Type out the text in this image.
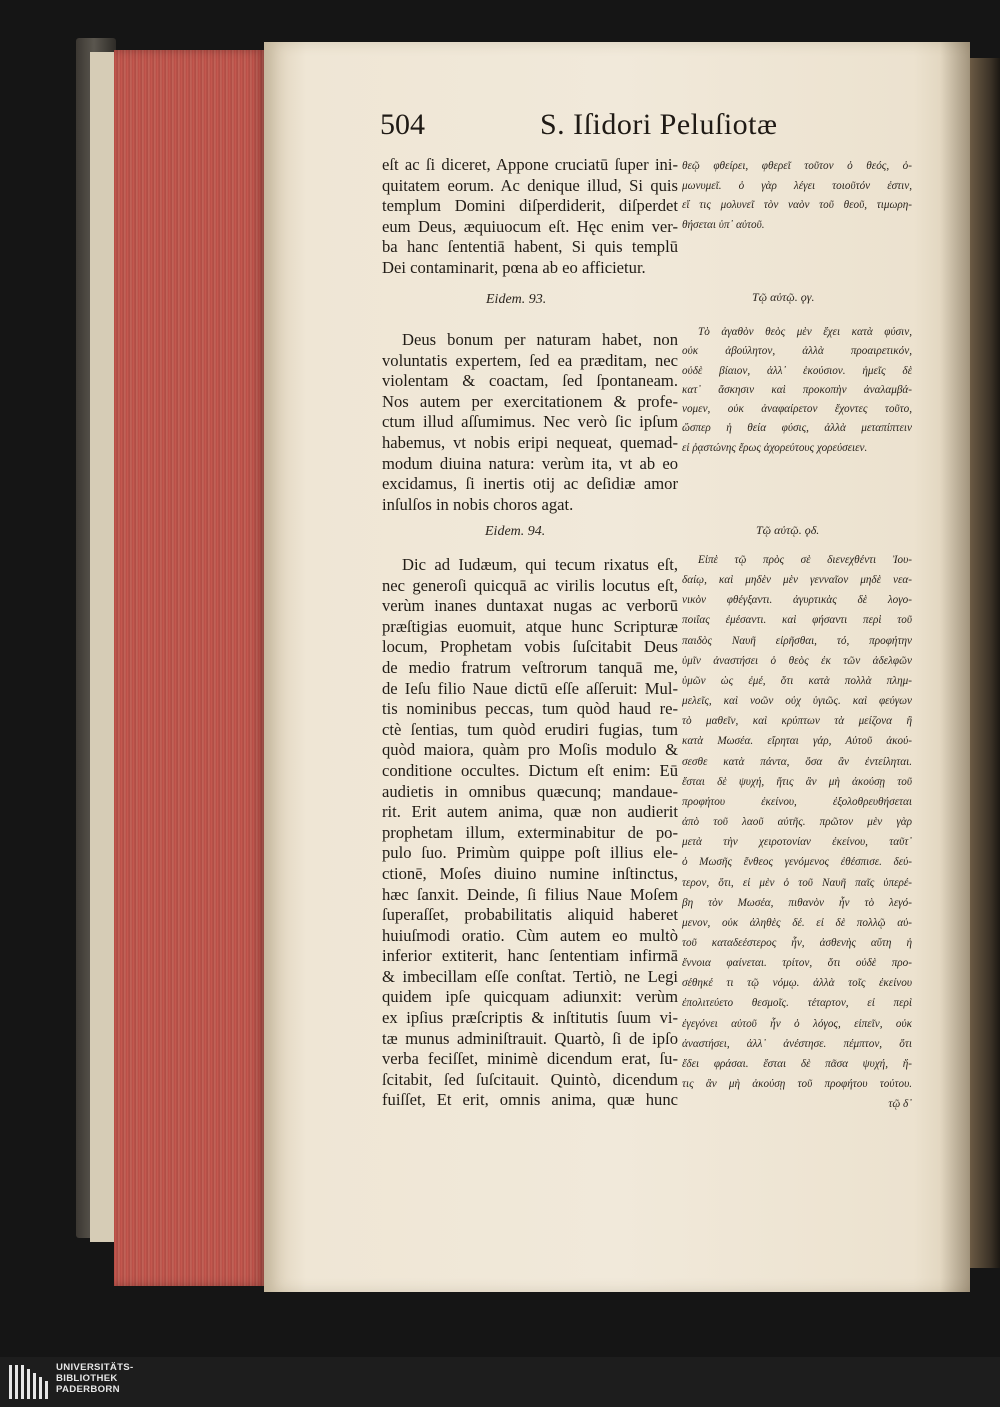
504	S. Iſidori Peluſiotæ
eſt ac ſi diceret, Appone cruciatū ſuper ini-
quitatem eorum. Ac denique illud, Si quis
templum Domini diſperdiderit, diſperdet
eum Deus, æquiuocum eſt. Hęc enim ver-
ba hanc ſententiā habent, Si quis templū
Dei contaminarit, pœna ab eo afficietur.
Eidem. 93.
Deus bonum per naturam habet, non
voluntatis expertem, ſed ea præditam, nec
violentam & coactam, ſed ſpontaneam.
Nos autem per exercitationem & profe-
ctum illud aſſumimus. Nec verò ſic ipſum
habemus, vt nobis eripi nequeat, quemad-
modum diuina natura: verùm ita, vt ab eo
excidamus, ſi inertis otij ac deſidiæ amor
inſulſos in nobis choros agat.
Eidem. 94.
Dic ad Iudæum, qui tecum rixatus eſt,
nec generoſi quicquā ac virilis locutus eſt,
verùm inanes duntaxat nugas ac verborū
præſtigias euomuit, atque hunc Scripturæ
locum, Prophetam vobis ſuſcitabit Deus
de medio fratrum veſtrorum tanquā me,
de Ieſu filio Naue dictū eſſe aſſeruit: Mul-
tis nominibus peccas, tum quòd haud re-
ctè ſentias, tum quòd erudiri fugias, tum
quòd maiora, quàm pro Moſis modulo &
conditione occultes. Dictum eſt enim: Eū
audietis in omnibus quæcunq; mandaue-
rit. Erit autem anima, quæ non audierit
prophetam illum, exterminabitur de po-
pulo ſuo. Primùm quippe poſt illius ele-
ctionē, Moſes diuino numine inſtinctus,
hæc ſanxit. Deinde, ſi filius Naue Moſem
ſuperaſſet, probabilitatis aliquid haberet
huiuſmodi oratio. Cùm autem eo multò
inferior extiterit, hanc ſententiam infirmā
& imbecillam eſſe conſtat. Tertiò, ne Legi
quidem ipſe quicquam adiunxit: verùm
ex ipſius præſcriptis & inſtitutis ſuum vi-
tæ munus adminiſtrauit. Quartò, ſi de ipſo
verba feciſſet, minimè dicendum erat, ſu-
ſcitabit, ſed ſuſcitauit. Quintò, dicendum
fuiſſet, Et erit, omnis anima, quæ hunc
θεῷ φθείρει, φθερεῖ τοῦτον ὁ θεός, ὁ-
μωνυμεῖ. ὁ γὰρ λέγει τοιοῦτόν ἐστιν,
εἴ τις μολυνεῖ τὸν ναὸν τοῦ θεοῦ, τιμωρη-
θήσεται ὑπ᾽ αὐτοῦ.
Τῷ αὐτῷ. ϙγ.
Τὸ ἀγαθὸν θεὸς μὲν ἔχει κατὰ φύσιν,
οὐκ ἀβούλητον, ἀλλὰ προαιρετικόν,
οὐδὲ βίαιον, ἀλλ᾽ ἑκούσιον. ἡμεῖς δὲ
κατ᾽ ἄσκησιν καὶ προκοπὴν ἀναλαμβά-
νομεν, οὐκ ἀναφαίρετον ἔχοντες τοῦτο,
ὥσπερ ἡ θεία φύσις, ἀλλὰ μεταπίπτειν
εἰ ῥᾳστώνης ἔρως ἀχορεύτους χορεύσειεν.
Τῷ αὐτῷ. ϙδ.
Εἰπὲ τῷ πρὸς σὲ διενεχθέντι Ἰου-
δαίῳ, καὶ μηδὲν μὲν γενναῖον μηδὲ νεα-
νικὸν φθέγξαντι. ἀγυρτικὰς δὲ λογο-
ποιΐας ἐμέσαντι. καὶ φήσαντι περὶ τοῦ
παιδὸς Ναυῆ εἰρῆσθαι, τό, προφήτην
ὑμῖν ἀναστήσει ὁ θεὸς ἐκ τῶν ἀδελφῶν
ὑμῶν ὡς ἐμέ, ὅτι κατὰ πολλὰ πλημ-
μελεῖς, καὶ νοῶν οὐχ ὑγιῶς. καὶ φεύγων
τὸ μαθεῖν, καὶ κρύπτων τὰ μείζονα ἢ
κατὰ Μωσέα. εἴρηται γάρ, Αὐτοῦ ἀκού-
σεσθε κατὰ πάντα, ὅσα ἂν ἐντείληται.
ἔσται δὲ ψυχή, ἥτις ἂν μὴ ἀκούσῃ τοῦ
προφήτου ἐκείνου, ἐξολοθρευθήσεται
ἀπὸ τοῦ λαοῦ αὐτῆς. πρῶτον μὲν γὰρ
μετὰ τὴν χειροτονίαν ἐκείνου, ταῦτ᾽
ὁ Μωσῆς ἔνθεος γενόμενος ἐθέσπισε. δεύ-
τερον, ὅτι, εἰ μὲν ὁ τοῦ Ναυῆ παῖς ὑπερέ-
βη τὸν Μωσέα, πιθανὸν ἦν τὸ λεγό-
μενον, οὐκ ἀληθὲς δέ. εἰ δὲ πολλῷ αὐ-
τοῦ καταδεέστερος ἦν, ἀσθενὴς αὕτη ἡ
ἔννοια φαίνεται. τρίτον, ὅτι οὐδὲ προ-
σέθηκέ τι τῷ νόμῳ. ἀλλὰ τοῖς ἐκείνου
ἐπολιτεύετο θεσμοῖς. τέταρτον, εἰ περὶ
ἐγεγόνει αὐτοῦ ἦν ὁ λόγος, εἰπεῖν, οὐκ
ἀναστήσει, ἀλλ᾽ ἀνέστησε. πέμπτον, ὅτι
ἔδει φράσαι. ἔσται δὲ πᾶσα ψυχή, ἥ-
τις ἂν μὴ ἀκούσῃ τοῦ προφήτου τούτου.
τῷ δ᾽
UNIVERSITÄTS-
BIBLIOTHEK
PADERBORN
